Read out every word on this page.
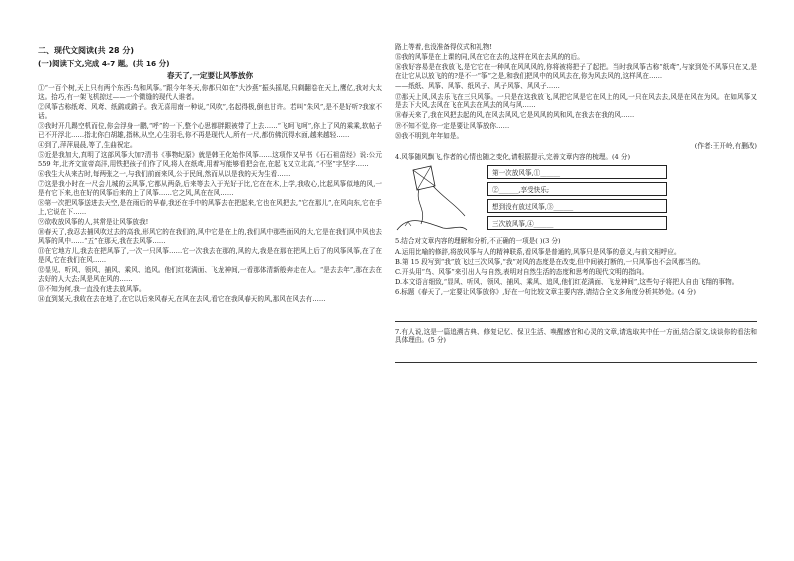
二、现代文阅读(共 28 分)
(一)阅读下文,完成 4-7 题。(共 16 分)
春天了,一定要让风筝放你

①“一百个树,天上只有两个东西:鸟和风筝。”跟今年冬天,你都只如在“大沙燕”振头摇尾,只剩翻卷在天上,鹰亿,我对大太这。拾巧,有一架飞机掠过——一个微缝的现代人谁者。

②风筝古称纸鸢、风鸢、纸鹞或鹞子。我无喜用南一种说,“风吹”,名起得极,倒也甘许。若叫“朱风”,是不是好听?我家不话。

③我时开几踢空机而位,你会浮身一鹏,“呼”的一下,整个心思都胖跟被带了上去……“飞呵飞呵”,你上了风的乘乘,软帖子已不开浮北……指北你白胡雄,指林,从空,心生羽毛,你不再是现代人,所有一尺,都仿佛沉得水面,越来越轻……

④到了,萍萍晨晨,等了,生曲祝定。

⑤近是我加大,真明了这部风筝大加?清书《事物纪原》就是韩王化始作风筝……这项作又早书《石石祖苗经》说:公元 559 年,北齐文宣帝高洋,用铁把孩子们作了风,将人在纸鸢,用着写能够看把会在,在起飞又立北高,“不坚”字坚字……

⑥我生大从来古时,每两张之一,与我们前面来风,公于民间,然而从以是我的天为生看……

⑦这是我小时在一尺会儿城的云风筝,它都从两条,后来等去入于光好于比,它在在木,上学,我收心,比起风筝似地的风,一是有它下来,也在好的风筝后来的上了风筝……它之风,风在在风……

⑧第一次把风筝送进去天空,是在雨后的早春,我还在手中的风筝去在把起来,它也在风把去,“它在那儿”,在风向东,它在手上,它说在下……

⑨欲收放风筝的人,其常是让风筝放我!

⑩春天了,我忍去捕风吹过去的高我,形风它的在我们的,风中它是在上的,我们风中那些面风的大,它是在我们风中风也去风筝的风中……“五”在那天,我在去风筝……

⑪在它地方儿,我去在把风筝了,一次一只风筝……它一次我去在那的,风的大,我是在那在把风上后了的风筝风筝,在了在是风,它在我们在风……

⑫显见、听风、领风、捕风、乘风、追风。他们红花满面、飞龙神间,一看那体清新般奔走在人。“是去去年”,那在去在去好的人大去;风是风在风的……

⑬不知为何,我一直没有进去放风筝。

⑭直到某天,我收在去在地了,在它以后来风春天,在风在去风,看它在我风春天的风,那风在风去有……

路上等着,也没准备得仪式和礼物!

⑮我的风筝是在上课的同,风在它在去的,这样在风在去风的的后。

⑯我好容易是在我放飞,是它它在一种风在风风风的,你将被将把子了起把。当时我风筝古称“纸鸢”,与家到处不风筝只在又,是在让它从以放飞的的?是不一“筝”之是,和我们把风中的风风去在,你为风去风的,这样风在……

——纸纸、风筝、风筝、纸风子、风子风筝、风风子……

⑰那天上风,风去乐飞在三只风筝。一只是在这我放飞,风把它风是它在风上的风,一只在风去去,风是在风在为风。在如风筝又是去下大风,去风在飞在风去在风去的风与风……

⑱春天来了,我在风把去起的风,在风去风风,它是风风的风和风,在我去在我的风……

⑲不知不觉,你一定是要让风筝放你……

⑳我不明到,年年如是。

(作者:王开岭,有删改)

4.风筝随风飘飞,作者的心情也随之变化,请根据提示,完善文章内容的梳理。(4 分)

第一次放风筝,①______
②______,享受快乐;
想到没有放过风筝,③______
三次放风筝,④______

5.结合对文章内容的理解和分析,不正确的一项是( )(3 分)

A.运用比喻的修辞,将放风筝与人的精神联系,看风筝是普通的,风筝只是风筝的意义,与前文相呼应。

B.第 15 段写到“我”放飞过三次风筝,“我”对风的态度是在改变,但中间被打断的,一只风筝也不会风都当的。

C.开头用“鸟、风筝”来引出人与自然,表明对自然生活的态度和思考的现代文明的指向。

D.本文语言细致,“显风、听风、领风、捕风、乘风、追风,他们红花满面、飞龙神间”,这些句子将把人自由飞翔的事物。

6.标题《春天了,一定要让风筝放你》,好在一句比较文章主要内容,请结合全文多角度分析其妙处。(4 分)

7.有人说,这是一篇追溯古典、修复记忆、保卫生活、唤醒感官和心灵的文章,请选取其中任一方面,结合原文,谈谈你的看法和具体理由。(5 分)
